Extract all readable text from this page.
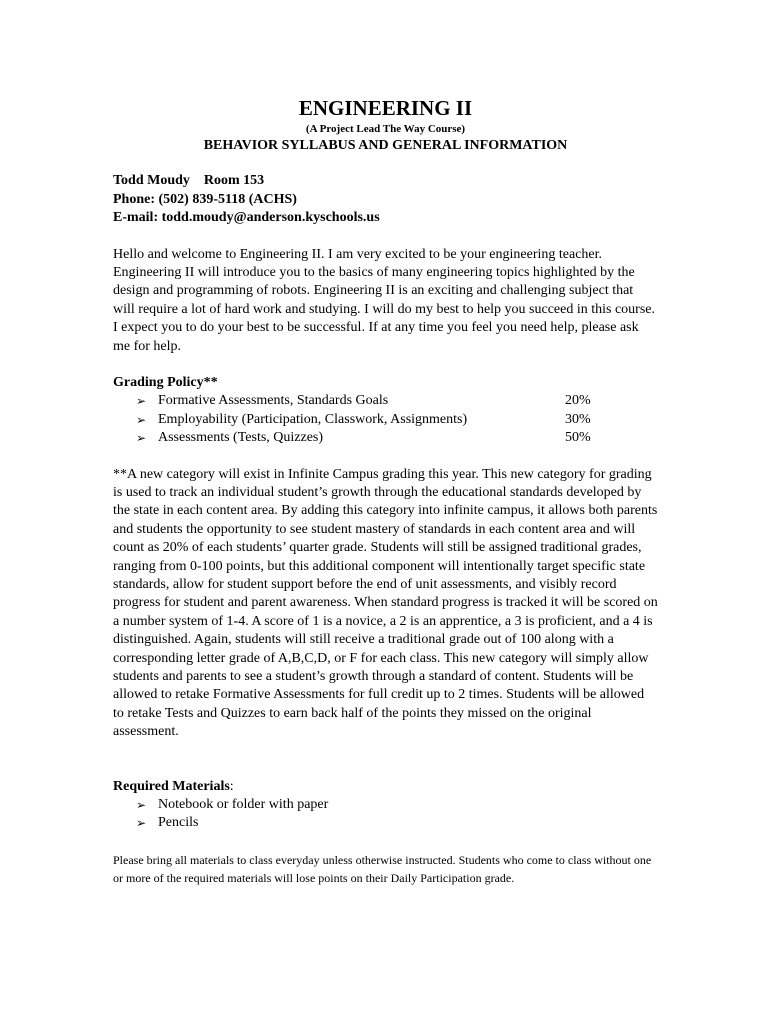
ENGINEERING II
(A Project Lead The Way Course)
BEHAVIOR SYLLABUS AND GENERAL INFORMATION
Todd Moudy    Room 153
Phone: (502) 839-5118 (ACHS)
E-mail: todd.moudy@anderson.kyschools.us

Hello and welcome to Engineering II. I am very excited to be your engineering teacher. Engineering II will introduce you to the basics of many engineering topics highlighted by the design and programming of robots. Engineering II is an exciting and challenging subject that will require a lot of hard work and studying. I will do my best to help you succeed in this course. I expect you to do your best to be successful. If at any time you feel you need help, please ask me for help.

Grading Policy**
➢ Formative Assessments, Standards Goals	20%
➢ Employability (Participation, Classwork, Assignments)	30%
➢ Assessments (Tests, Quizzes)	50%

**A new category will exist in Infinite Campus grading this year. This new category for grading is used to track an individual student’s growth through the educational standards developed by the state in each content area. By adding this category into infinite campus, it allows both parents and students the opportunity to see student mastery of standards in each content area and will count as 20% of each students’ quarter grade. Students will still be assigned traditional grades, ranging from 0-100 points, but this additional component will intentionally target specific state standards, allow for student support before the end of unit assessments, and visibly record progress for student and parent awareness. When standard progress is tracked it will be scored on a number system of 1-4. A score of 1 is a novice, a 2 is an apprentice, a 3 is proficient, and a 4 is distinguished. Again, students will still receive a traditional grade out of 100 along with a corresponding letter grade of A,B,C,D, or F for each class. This new category will simply allow students and parents to see a student’s growth through a standard of content. Students will be allowed to retake Formative Assessments for full credit up to 2 times. Students will be allowed to retake Tests and Quizzes to earn back half of the points they missed on the original assessment.

Required Materials:
➢ Notebook or folder with paper
➢ Pencils

Please bring all materials to class everyday unless otherwise instructed. Students who come to class without one or more of the required materials will lose points on their Daily Participation grade.
